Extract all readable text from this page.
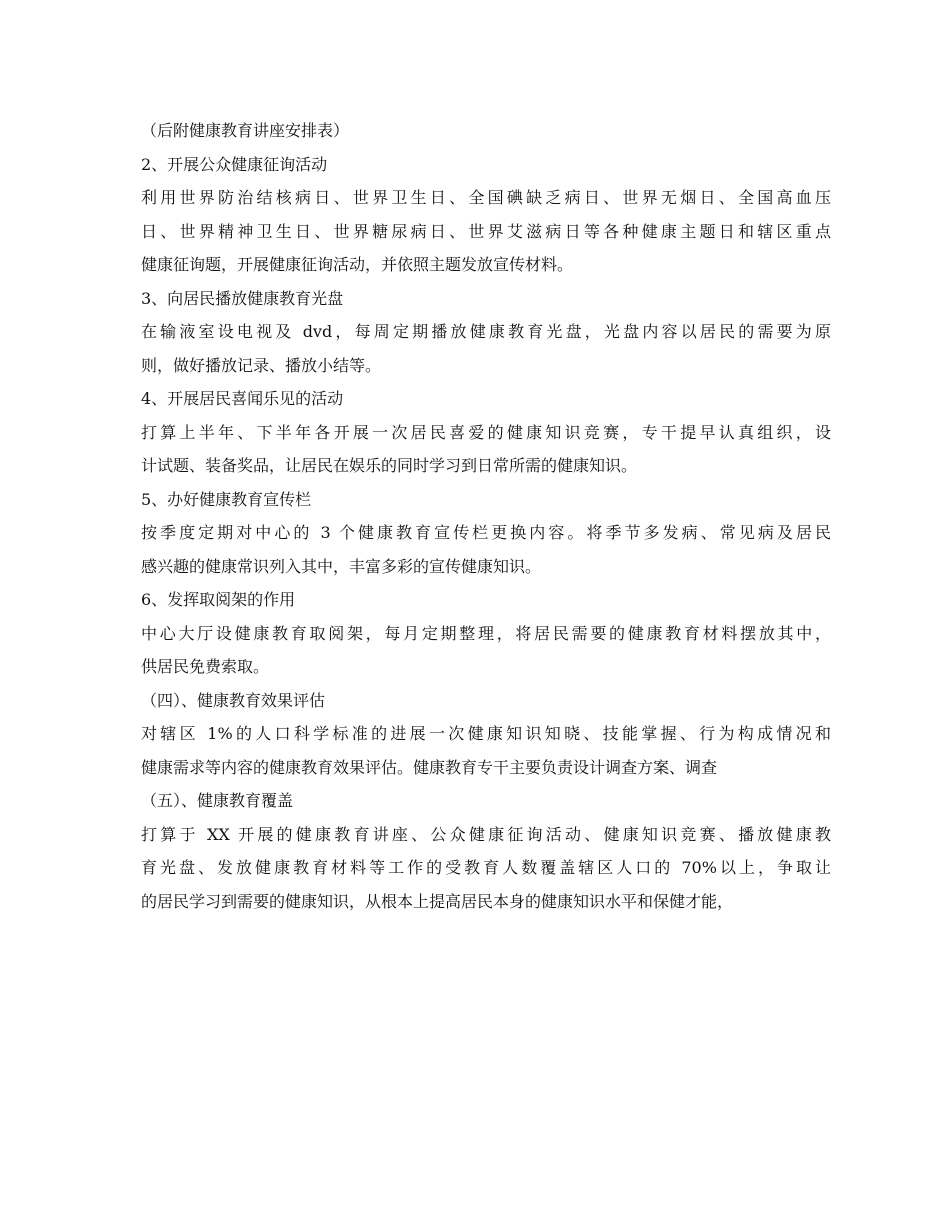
（后附健康教育讲座安排表）

2、开展公众健康征询活动

利用世界防治结核病日、世界卫生日、全国碘缺乏病日、世界无烟日、全国高血压

日、世界精神卫生日、世界糖尿病日、世界艾滋病日等各种健康主题日和辖区重点

健康征询题，开展健康征询活动，并依照主题发放宣传材料。

3、向居民播放健康教育光盘

在输液室设电视及 dvd，每周定期播放健康教育光盘，光盘内容以居民的需要为原

则，做好播放记录、播放小结等。

4、开展居民喜闻乐见的活动

打算上半年、下半年各开展一次居民喜爱的健康知识竞赛，专干提早认真组织，设

计试题、装备奖品，让居民在娱乐的同时学习到日常所需的健康知识。

5、办好健康教育宣传栏

按季度定期对中心的 3 个健康教育宣传栏更换内容。将季节多发病、常见病及居民

感兴趣的健康常识列入其中，丰富多彩的宣传健康知识。

6、发挥取阅架的作用

中心大厅设健康教育取阅架，每月定期整理，将居民需要的健康教育材料摆放其中，

供居民免费索取。

（四）、健康教育效果评估

对辖区 1%的人口科学标准的进展一次健康知识知晓、技能掌握、行为构成情况和

健康需求等内容的健康教育效果评估。健康教育专干主要负责设计调查方案、调查

（五）、健康教育覆盖

打算于 XX 开展的健康教育讲座、公众健康征询活动、健康知识竞赛、播放健康教

育光盘、发放健康教育材料等工作的受教育人数覆盖辖区人口的 70%以上，争取让

的居民学习到需要的健康知识，从根本上提高居民本身的健康知识水平和保健才能，
